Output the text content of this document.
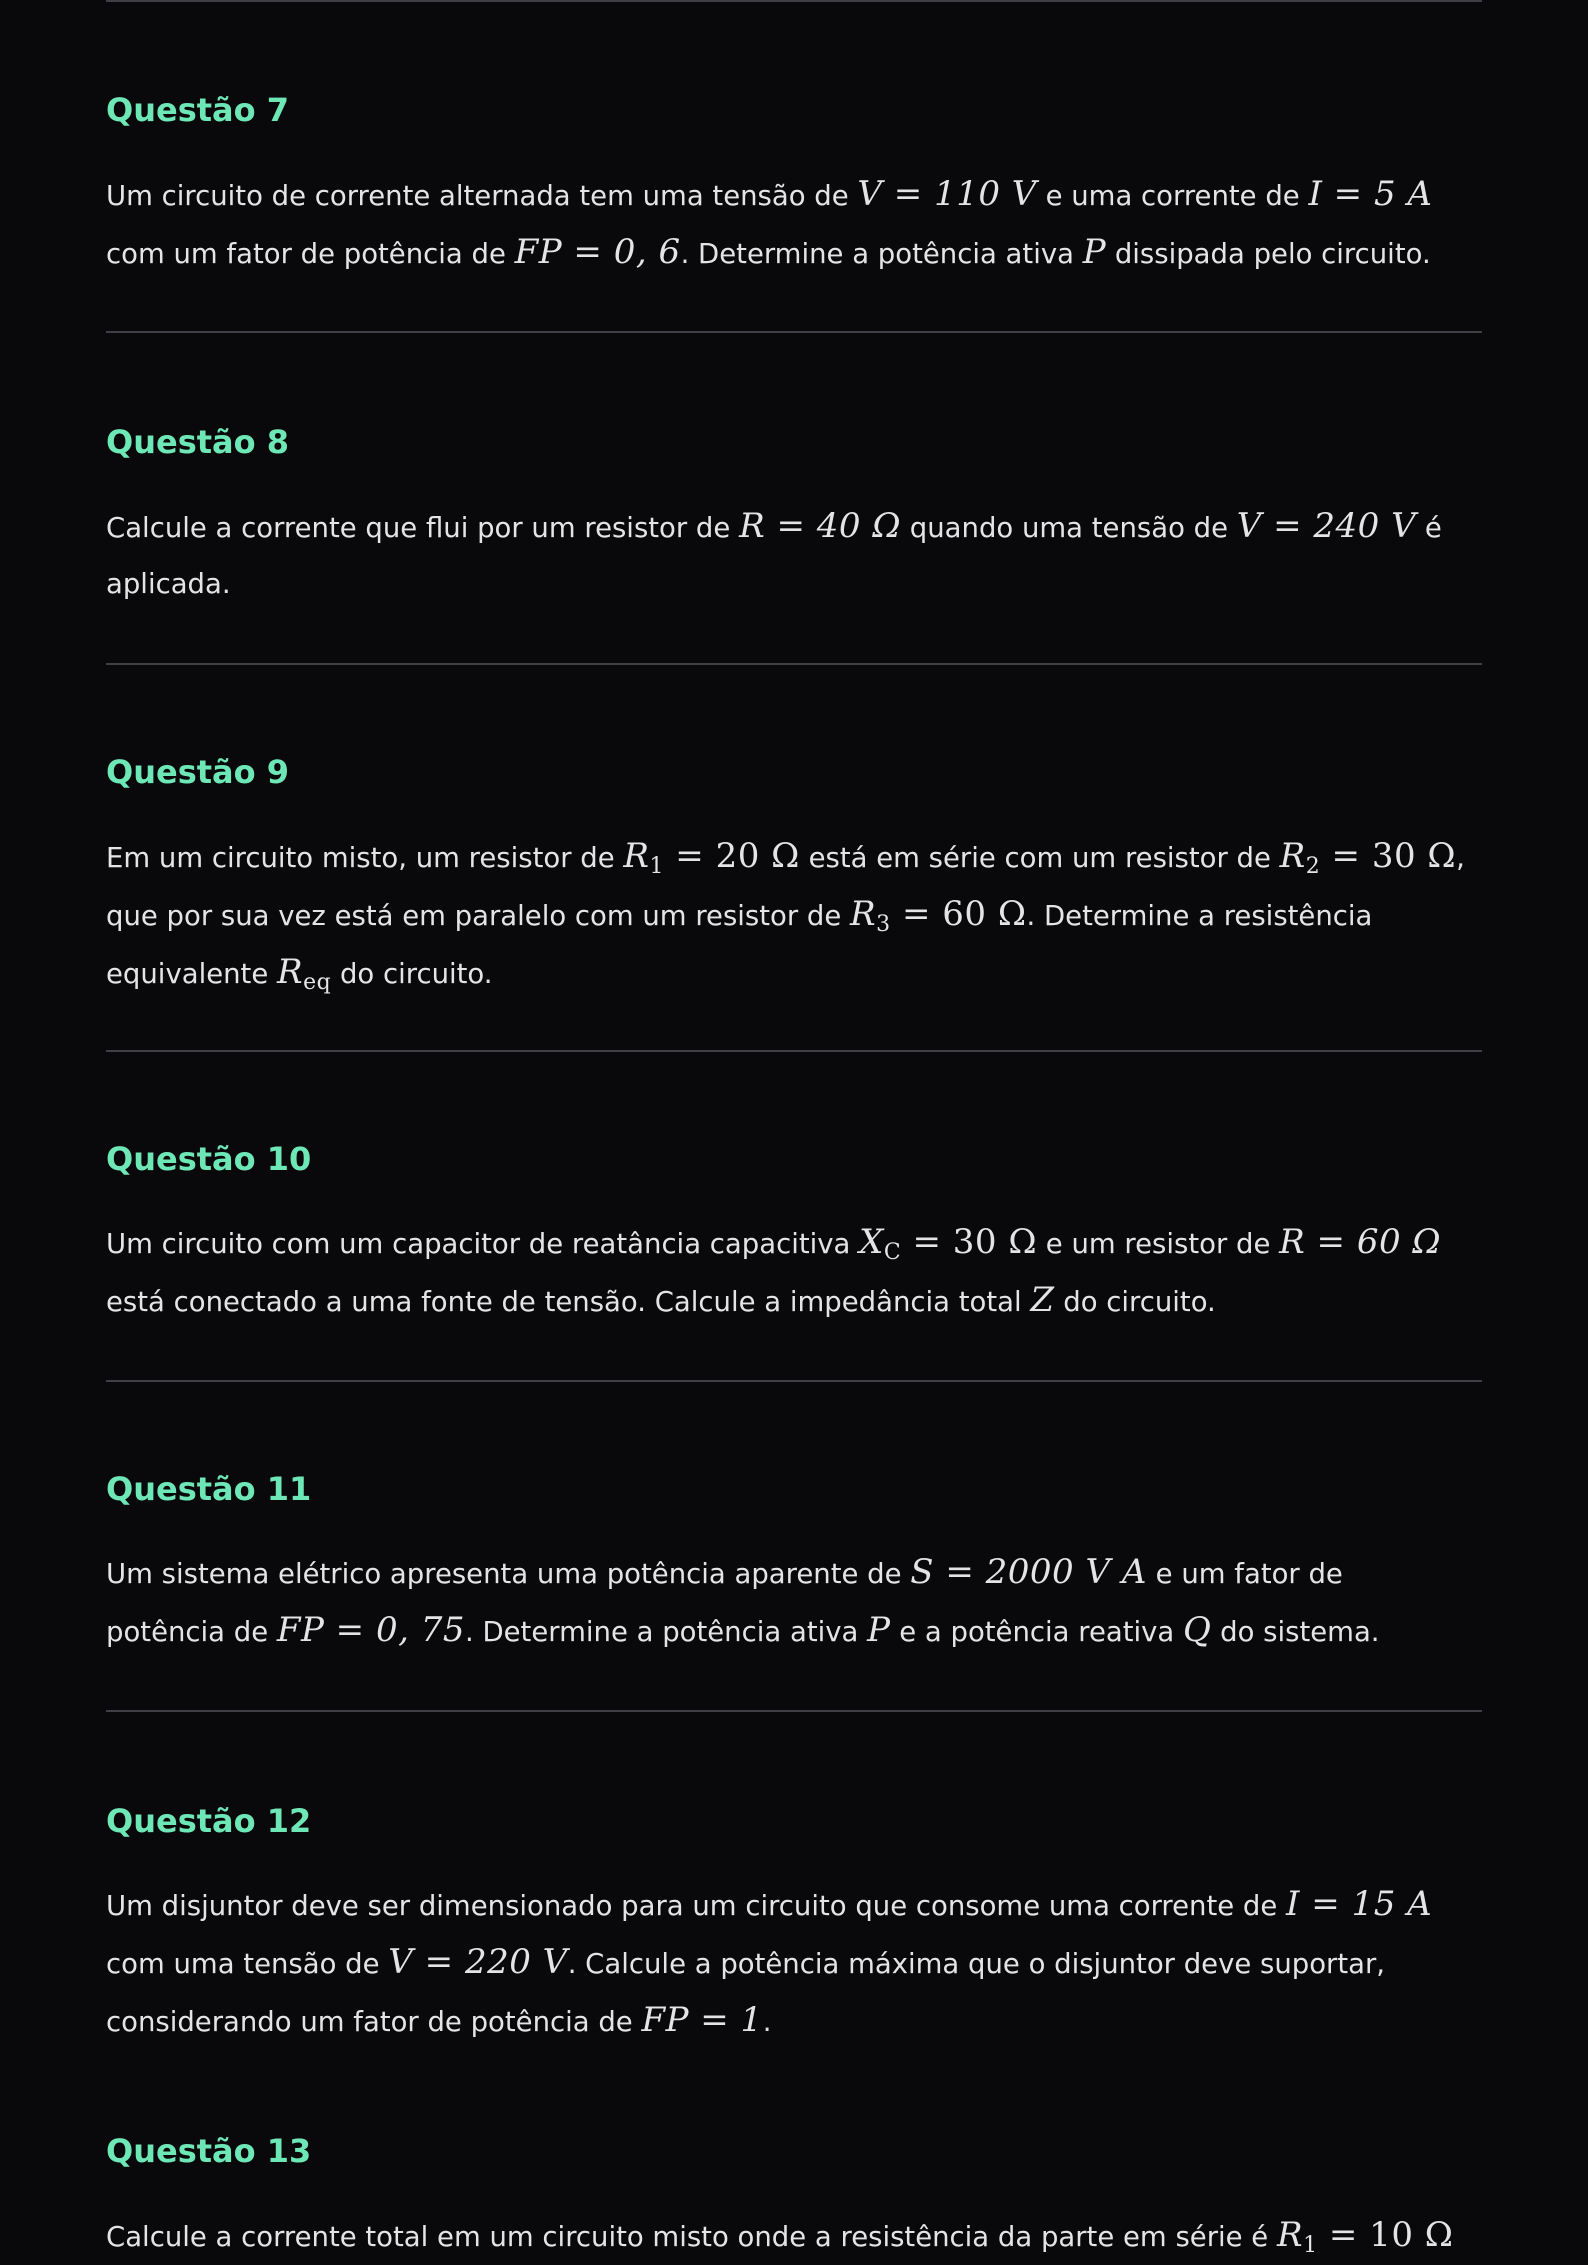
Questão 7
Um circuito de corrente alternada tem uma tensão de V = 110 V e uma corrente de I = 5 A
com um fator de potência de FP = 0, 6. Determine a potência ativa P dissipada pelo circuito.
Questão 8
Calcule a corrente que flui por um resistor de R = 40 Ω quando uma tensão de V = 240 V é
aplicada.
Questão 9
Em um circuito misto, um resistor de $R_1 = 20$ Ω está em série com um resistor de $R_2 = 30$ Ω,
que por sua vez está em paralelo com um resistor de $R_3 = 60$ Ω. Determine a resistência
equivalente $R_{eq}$ do circuito.
Questão 10
Um circuito com um capacitor de reatância capacitiva $X_C = 30$ Ω e um resistor de R = 60 Ω
está conectado a uma fonte de tensão. Calcule a impedância total Z do circuito.
Questão 11
Um sistema elétrico apresenta uma potência aparente de S = 2000 V A e um fator de
potência de FP = 0, 75. Determine a potência ativa P e a potência reativa Q do sistema.
Questão 12
Um disjuntor deve ser dimensionado para um circuito que consome uma corrente de I = 15 A
com uma tensão de V = 220 V. Calcule a potência máxima que o disjuntor deve suportar,
considerando um fator de potência de FP = 1.
Questão 13
Calcule a corrente total em um circuito misto onde a resistência da parte em série é $R_1 = 10$ Ω
